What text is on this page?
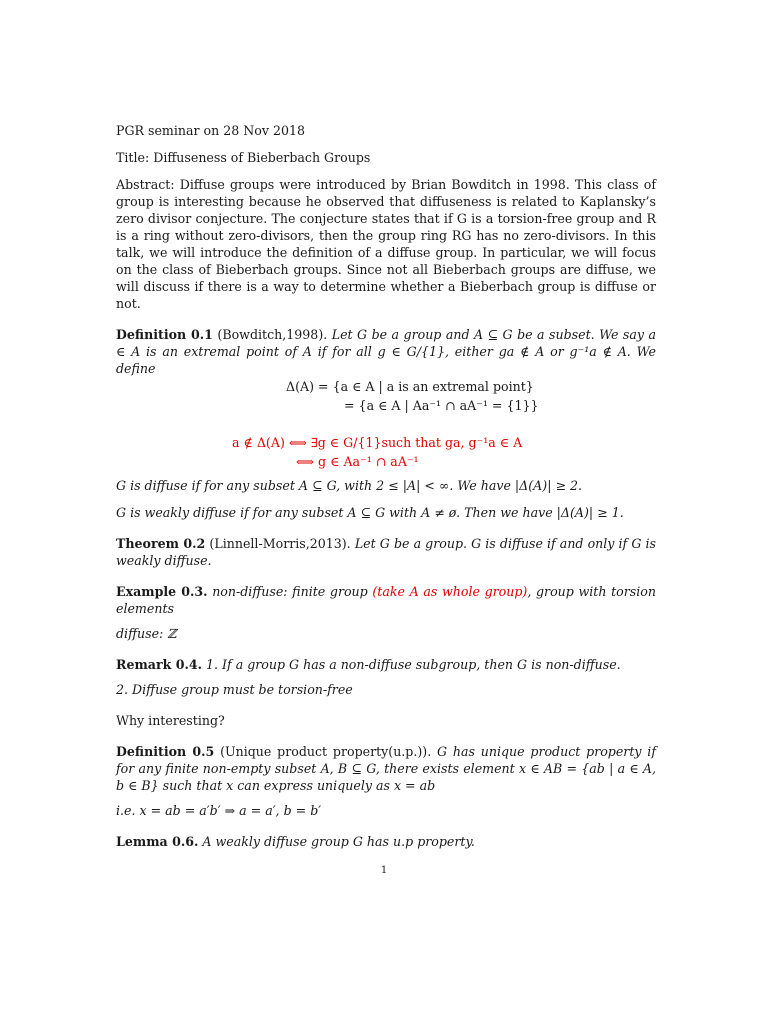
PGR seminar on 28 Nov 2018

Title: Diffuseness of Bieberbach Groups

Abstract: Diffuse groups were introduced by Brian Bowditch in 1998. This class of group is interesting because he observed that diffuseness is related to Kaplansky’s zero divisor conjecture. The conjecture states that if G is a torsion-free group and R is a ring without zero-divisors, then the group ring RG has no zero-divisors. In this talk, we will introduce the definition of a diffuse group. In particular, we will focus on the class of Bieberbach groups. Since not all Bieberbach groups are diffuse, we will discuss if there is a way to determine whether a Bieberbach group is diffuse or not.

Definition 0.1 (Bowditch,1998). Let G be a group and A ⊆ G be a subset. We say a ∈ A is an extremal point of A if for all g ∈ G/{1}, either ga ∉ A or g⁻¹a ∉ A. We define

Δ(A) = {a ∈ A | a is an extremal point}

= {a ∈ A | Aa⁻¹ ∩ aA⁻¹ = {1}}

a ∉ Δ(A) ⟺ ∃g ∈ G/{1}such that ga, g⁻¹a ∈ A

⟺ g ∈ Aa⁻¹ ∩ aA⁻¹

G is diffuse if for any subset A ⊆ G, with 2 ≤ |A| < ∞. We have |Δ(A)| ≥ 2.

G is weakly diffuse if for any subset A ⊆ G with A ≠ ø. Then we have |Δ(A)| ≥ 1.

Theorem 0.2 (Linnell-Morris,2013). Let G be a group. G is diffuse if and only if G is weakly diffuse.

Example 0.3. non-diffuse: finite group (take A as whole group), group with torsion elements

diffuse: ℤ

Remark 0.4. 1. If a group G has a non-diffuse subgroup, then G is non-diffuse.

2. Diffuse group must be torsion-free

Why interesting?

Definition 0.5 (Unique product property(u.p.)). G has unique product property if for any finite non-empty subset A, B ⊆ G, there exists element x ∈ AB = {ab | a ∈ A, b ∈ B} such that x can express uniquely as x = ab

i.e. x = ab = a′b′ ⇒ a = a′, b = b′

Lemma 0.6. A weakly diffuse group G has u.p property.

1
